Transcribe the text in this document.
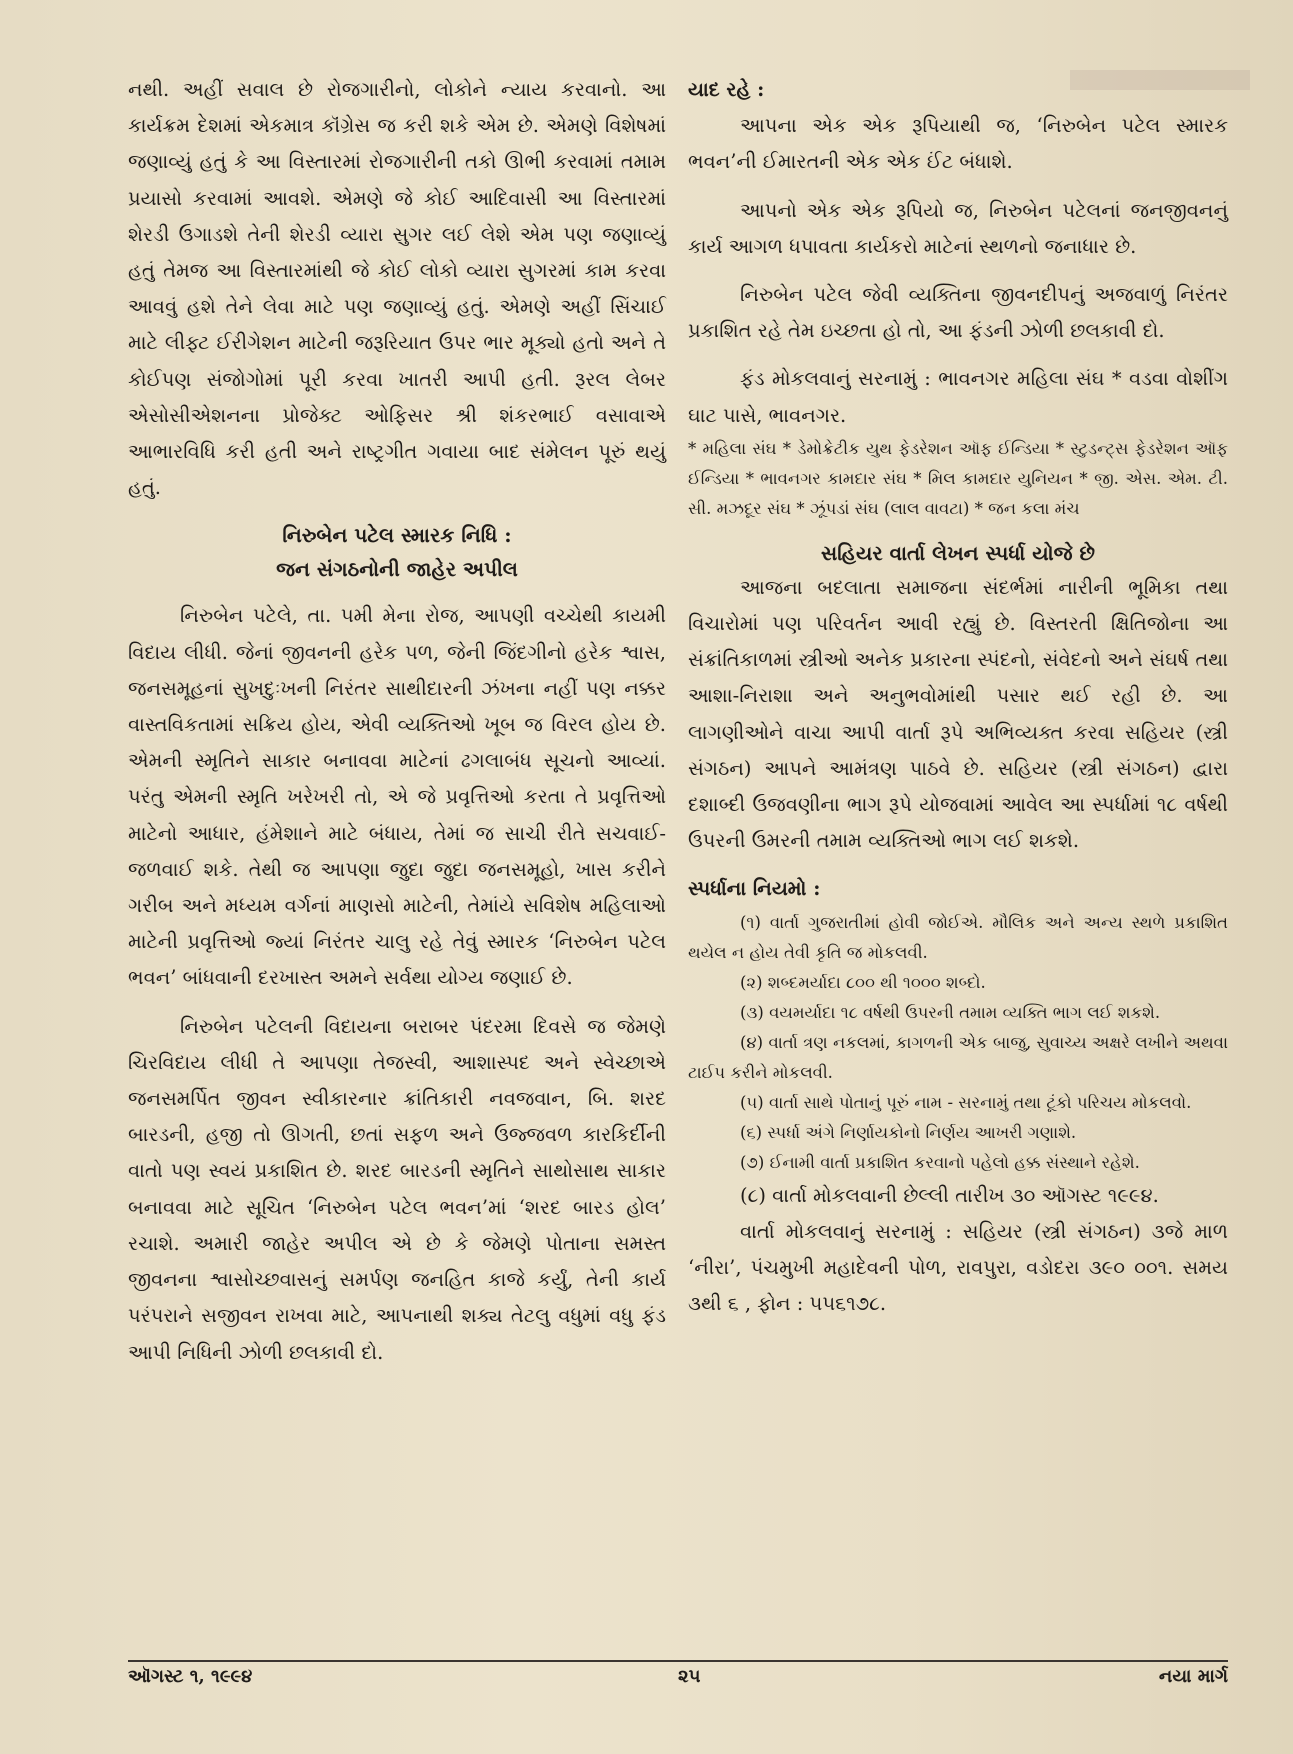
નથી. અહીં સવાલ છે રોજગારીનો, લોકોને ન્યાય કરવાનો. આ કાર્યક્રમ દેશમાં એકમાત્ર કૉંગ્રેસ જ કરી શકે એમ છે. એમણે વિશેષમાં જણાવ્યું હતું કે આ વિસ્તારમાં રોજગારીની તકો ઊભી કરવામાં તમામ પ્રયાસો કરવામાં આવશે. એમણે જે કોઈ આદિવાસી આ વિસ્તારમાં શેરડી ઉગાડશે તેની શેરડી વ્યારા સુગર લઈ લેશે એમ પણ જણાવ્યું હતું તેમજ આ વિસ્તારમાંથી જે કોઈ લોકો વ્યારા સુગરમાં કામ કરવા આવવું હશે તેને લેવા માટે પણ જણાવ્યું હતું. એમણે અહીં સિંચાઈ માટે લીફ્ટ ઈરીગેશન માટેની જરૂરિયાત ઉપર ભાર મૂક્યો હતો અને તે કોઈપણ સંજોગોમાં પૂરી કરવા ખાતરી આપી હતી. રૂરલ લેબર એસોસીએશનના પ્રોજેક્ટ ઓફિસર શ્રી શંકરભાઈ વસાવાએ આભારવિધિ કરી હતી અને રાષ્ટ્રગીત ગવાયા બાદ સંમેલન પૂરું થયું હતું.

નિરુબેન પટેલ સ્મારક નિધિ :

જન સંગઠનોની જાહેર અપીલ

નિરુબેન પટેલે, તા. ૫મી મેના રોજ, આપણી વચ્ચેથી કાયમી વિદાય લીધી. જેનાં જીવનની હરેક પળ, જેની જિંદગીનો હરેક શ્વાસ, જનસમૂહનાં સુખદુઃખની નિરંતર સાથીદારની ઝંખના નહીં પણ નક્કર વાસ્તવિકતામાં સક્રિય હોય, એવી વ્યક્તિઓ ખૂબ જ વિરલ હોય છે. એમની સ્મૃતિને સાકાર બનાવવા માટેનાં ઢગલાબંધ સૂચનો આવ્યાં. પરંતુ એમની સ્મૃતિ ખરેખરી તો, એ જે પ્રવૃત્તિઓ કરતા તે પ્રવૃત્તિઓ માટેનો આધાર, હંમેશાને માટે બંધાય, તેમાં જ સાચી રીતે સચવાઈ-જળવાઈ શકે. તેથી જ આપણા જુદા જુદા જનસમૂહો, ખાસ કરીને ગરીબ અને મધ્યમ વર્ગનાં માણસો માટેની, તેમાંયે સવિશેષ મહિલાઓ માટેની પ્રવૃત્તિઓ જ્યાં નિરંતર ચાલુ રહે તેવું સ્મારક ‘નિરુબેન પટેલ ભવન’ બાંધવાની દરખાસ્ત અમને સર્વથા યોગ્ય જણાઈ છે.

નિરુબેન પટેલની વિદાયના બરાબર પંદરમા દિવસે જ જેમણે ચિરવિદાય લીધી તે આપણા તેજસ્વી, આશાસ્પદ અને સ્વેચ્છાએ જનસમર્પિત જીવન સ્વીકારનાર ક્રાંતિકારી નવજવાન, બિ. શરદ બારડની, હજી તો ઊગતી, છતાં સફળ અને ઉજ્જવળ કારકિર્દીની વાતો પણ સ્વયં પ્રકાશિત છે. શરદ બારડની સ્મૃતિને સાથોસાથ સાકાર બનાવવા માટે સૂચિત ‘નિરુબેન પટેલ ભવન’માં ‘શરદ બારડ હોલ’ રચાશે. અમારી જાહેર અપીલ એ છે કે જેમણે પોતાના સમસ્ત જીવનના શ્વાસોચ્છવાસનું સમર્પણ જનહિત કાજે કર્યું, તેની કાર્ય પરંપરાને સજીવન રાખવા માટે, આપનાથી શક્ય તેટલુ વધુમાં વધુ ફંડ આપી નિધિની ઝોળી છલકાવી દો.

યાદ રહે :

આપના એક એક રૂપિયાથી જ, ‘નિરુબેન પટેલ સ્મારક ભવન’ની ઈમારતની એક એક ઈંટ બંધાશે.

આપનો એક એક રૂપિયો જ, નિરુબેન પટેલનાં જનજીવનનું કાર્ય આગળ ધપાવતા કાર્યકરો માટેનાં સ્થળનો જનાધાર છે.

નિરુબેન પટેલ જેવી વ્યક્તિના જીવનદીપનું અજવાળું નિરંતર પ્રકાશિત રહે તેમ ઇચ્છતા હો તો, આ ફંડની ઝોળી છલકાવી દો.

ફંડ મોકલવાનું સરનામું : ભાવનગર મહિલા સંઘ * વડવા વોશીંગ ઘાટ પાસે, ભાવનગર.

* મહિલા સંઘ * ડેમોક્રેટીક યુથ ફેડરેશન ઑફ ઈન્ડિયા * સ્ટુડન્ટ્સ ફેડરેશન ઑફ ઈન્ડિયા * ભાવનગર કામદાર સંઘ * મિલ કામદાર યુનિયન * જી. એસ. એમ. ટી. સી. મઝદૂર સંઘ * ઝૂંપડાં સંઘ (લાલ વાવટા) * જન કલા મંચ

સહિયર વાર્તા લેખન સ્પર્ધા યોજે છે

આજના બદલાતા સમાજના સંદર્ભમાં નારીની ભૂમિકા તથા વિચારોમાં પણ પરિવર્તન આવી રહ્યું છે. વિસ્તરતી ક્ષિતિજોના આ સંક્રાંતિકાળમાં સ્ત્રીઓ અનેક પ્રકારના સ્પંદનો, સંવેદનો અને સંઘર્ષ તથા આશા-નિરાશા અને અનુભવોમાંથી પસાર થઈ રહી છે. આ લાગણીઓને વાચા આપી વાર્તા રૂપે અભિવ્યક્ત કરવા સહિયર (સ્ત્રી સંગઠન) આપને આમંત્રણ પાઠવે છે. સહિયર (સ્ત્રી સંગઠન) દ્વારા દશાબ્દી ઉજવણીના ભાગ રૂપે યોજવામાં આવેલ આ સ્પર્ધામાં ૧૮ વર્ષથી ઉપરની ઉમરની તમામ વ્યક્તિઓ ભાગ લઈ શકશે.

સ્પર્ધાના નિયમો :

(૧) વાર્તા ગુજરાતીમાં હોવી જોઈએ. મૌલિક અને અન્ય સ્થળે પ્રકાશિત થયેલ ન હોય તેવી કૃતિ જ મોકલવી.

(૨) શબ્દમર્યાદા ૮૦૦ થી ૧૦૦૦ શબ્દો.

(૩) વયમર્યાદા ૧૮ વર્ષથી ઉપરની તમામ વ્યક્તિ ભાગ લઈ શકશે.

(૪) વાર્તા ત્રણ નકલમાં, કાગળની એક બાજુ, સુવાચ્ય અક્ષરે લખીને અથવા ટાઈપ કરીને મોકલવી.

(૫) વાર્તા સાથે પોતાનું પૂરું નામ - સરનામું તથા ટૂંકો પરિચય મોકલવો.

(૬) સ્પર્ધા અંગે નિર્ણાયકોનો નિર્ણય આખરી ગણાશે.

(૭) ઈનામી વાર્તા પ્રકાશિત કરવાનો પહેલો હક્ક સંસ્થાને રહેશે.

(૮) વાર્તા મોકલવાની છેલ્લી તારીખ ૩૦ ઑગસ્ટ ૧૯૯૪.

વાર્તા મોકલવાનું સરનામું : સહિયર (સ્ત્રી સંગઠન) ૩જે માળ ‘નીરા’, પંચમુખી મહાદેવની પોળ, રાવપુરા, વડોદરા ૩૯૦ ૦૦૧. સમય ૩થી ૬ , ફોન : ૫૫૬૧૭૮.

ઑગસ્ટ ૧, ૧૯૯૪	૨૫	નયા માર્ગ
